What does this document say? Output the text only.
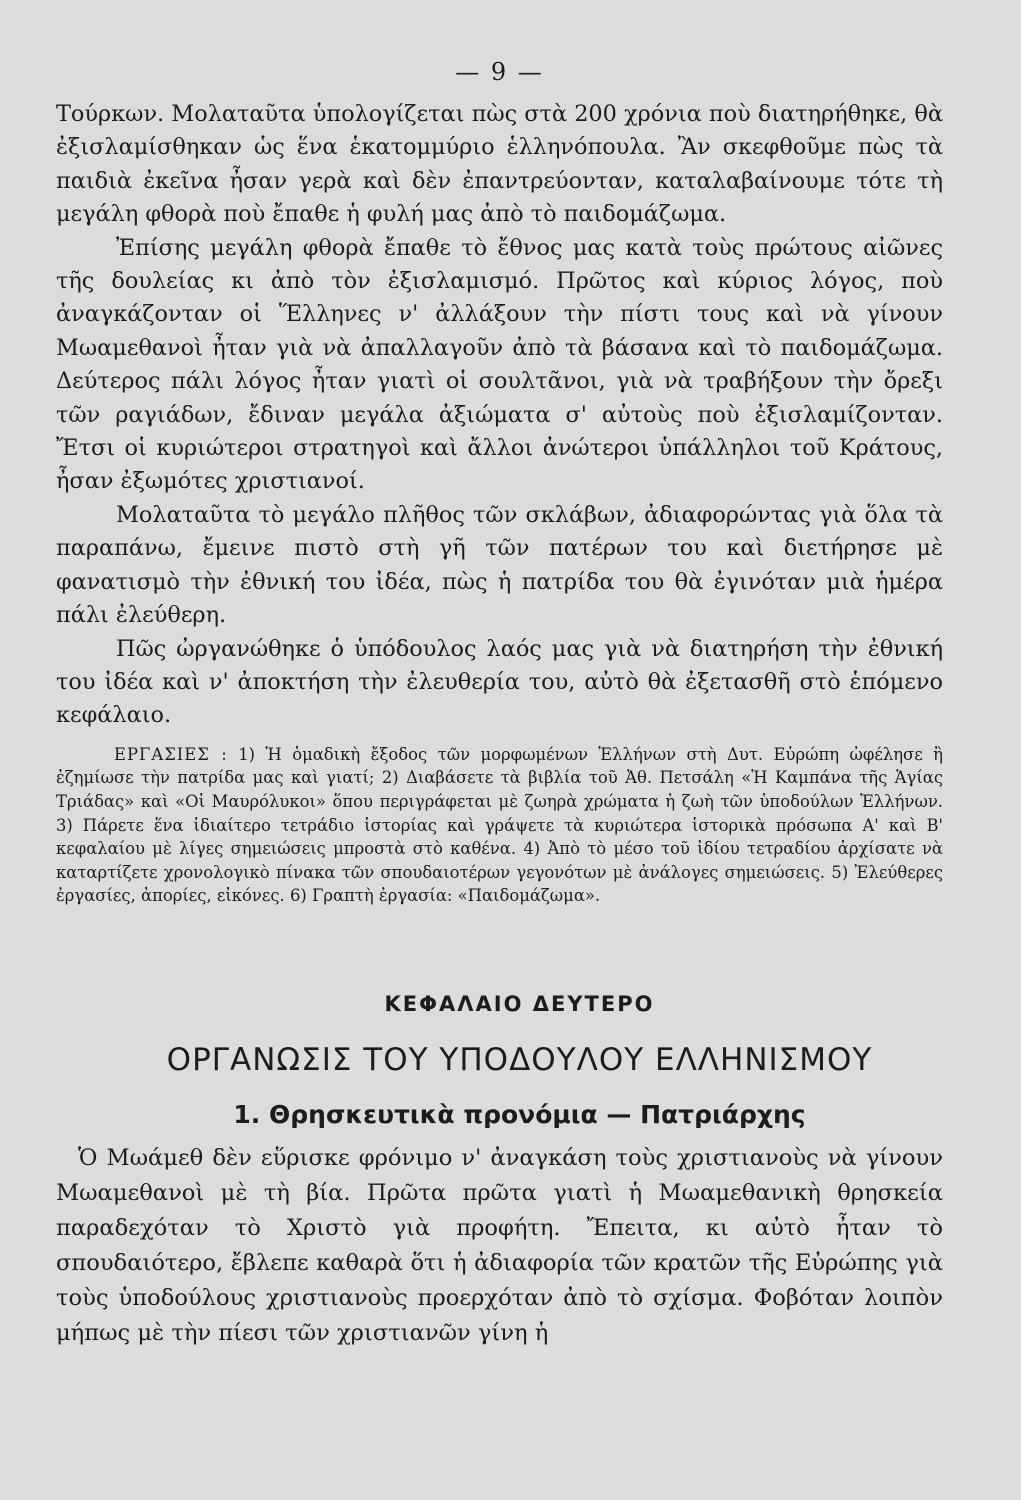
— 9 —

Τούρκων. Μολαταῦτα ὑπολογίζεται πὼς στὰ 200 χρόνια ποὺ διατηρήθηκε, θὰ ἐξισλαμίσθηκαν ὡς ἕνα ἑκατομμύριο ἑλληνόπουλα. Ἂν σκεφθοῦμε πὼς τὰ παιδιὰ ἐκεῖνα ἦσαν γερὰ καὶ δὲν ἐπαντρεύονταν, καταλαβαίνουμε τότε τὴ μεγάλη φθορὰ ποὺ ἔπαθε ἡ φυλή μας ἀπὸ τὸ παιδομάζωμα.

Ἐπίσης μεγάλη φθορὰ ἔπαθε τὸ ἔθνος μας κατὰ τοὺς πρώτους αἰῶνες τῆς δουλείας κι ἀπὸ τὸν ἐξισλαμισμό. Πρῶτος καὶ κύριος λόγος, ποὺ ἀναγκάζονταν οἱ Ἕλληνες ν' ἀλλάξουν τὴν πίστι τους καὶ νὰ γίνουν Μωαμεθανοὶ ἦταν γιὰ νὰ ἀπαλλαγοῦν ἀπὸ τὰ βάσανα καὶ τὸ παιδομάζωμα. Δεύτερος πάλι λόγος ἦταν γιατὶ οἱ σουλτᾶνοι, γιὰ νὰ τραβήξουν τὴν ὄρεξι τῶν ραγιάδων, ἔδιναν μεγάλα ἀξιώματα σ' αὐτοὺς ποὺ ἐξισλαμίζονταν. Ἔτσι οἱ κυριώτεροι στρατηγοὶ καὶ ἄλλοι ἀνώτεροι ὑπάλληλοι τοῦ Κράτους, ἦσαν ἐξωμότες χριστιανοί.

Μολαταῦτα τὸ μεγάλο πλῆθος τῶν σκλάβων, ἀδιαφορώντας γιὰ ὅλα τὰ παραπάνω, ἔμεινε πιστὸ στὴ γῆ τῶν πατέρων του καὶ διετήρησε μὲ φανατισμὸ τὴν ἐθνική του ἰδέα, πὼς ἡ πατρίδα του θὰ ἐγινόταν μιὰ ἡμέρα πάλι ἐλεύθερη.

Πῶς ὠργανώθηκε ὁ ὑπόδουλος λαός μας γιὰ νὰ διατηρήση τὴν ἐθνική του ἰδέα καὶ ν' ἀποκτήση τὴν ἐλευθερία του, αὐτὸ θὰ ἐξετασθῆ στὸ ἑπόμενο κεφάλαιο.

ΕΡΓΑΣΙΕΣ : 1) Ἡ ὁμαδικὴ ἔξοδος τῶν μορφωμένων Ἑλλήνων στὴ Δυτ. Εὐρώπη ὠφέλησε ἢ ἐζημίωσε τὴν πατρίδα μας καὶ γιατί; 2) Διαβάσετε τὰ βιβλία τοῦ Ἀθ. Πετσάλη «Ἡ Καμπάνα τῆς Ἁγίας Τριάδας» καὶ «Οἱ Μαυρόλυκοι» ὅπου περιγράφεται μὲ ζωηρὰ χρώματα ἡ ζωὴ τῶν ὑποδούλων Ἑλλήνων. 3) Πάρετε ἕνα ἰδιαίτερο τετράδιο ἱστορίας καὶ γράψετε τὰ κυριώτερα ἱστορικὰ πρόσωπα Α' καὶ Β' κεφαλαίου μὲ λίγες σημειώσεις μπροστὰ στὸ καθένα. 4) Ἀπὸ τὸ μέσο τοῦ ἰδίου τετραδίου ἀρχίσατε νὰ καταρτίζετε χρονολογικὸ πίνακα τῶν σπουδαιοτέρων γεγονότων μὲ ἀνάλογες σημειώσεις. 5) Ἐλεύθερες ἐργασίες, ἀπορίες, εἰκόνες. 6) Γραπτὴ ἐργασία: «Παιδομάζωμα».
ΚΕΦΑΛΑΙΟ ΔΕΥΤΕΡΟ
ΟΡΓΑΝΩΣΙΣ ΤΟΥ ΥΠΟΔΟΥΛΟΥ ΕΛΛΗΝΙΣΜΟΥ
1. Θρησκευτικὰ προνόμια — Πατριάρχης

Ὁ Μωάμεθ δὲν εὕρισκε φρόνιμο ν' ἀναγκάση τοὺς χριστιανοὺς νὰ γίνουν Μωαμεθανοὶ μὲ τὴ βία. Πρῶτα πρῶτα γιατὶ ἡ Μωαμεθανικὴ θρησκεία παραδεχόταν τὸ Χριστὸ γιὰ προφήτη. Ἔπειτα, κι αὐτὸ ἦταν τὸ σπουδαιότερο, ἔβλεπε καθαρὰ ὅτι ἡ ἀδιαφορία τῶν κρατῶν τῆς Εὐρώπης γιὰ τοὺς ὑποδούλους χριστιανοὺς προερχόταν ἀπὸ τὸ σχίσμα. Φοβόταν λοιπὸν μήπως μὲ τὴν πίεσι τῶν χριστιανῶν γίνη ἡ
